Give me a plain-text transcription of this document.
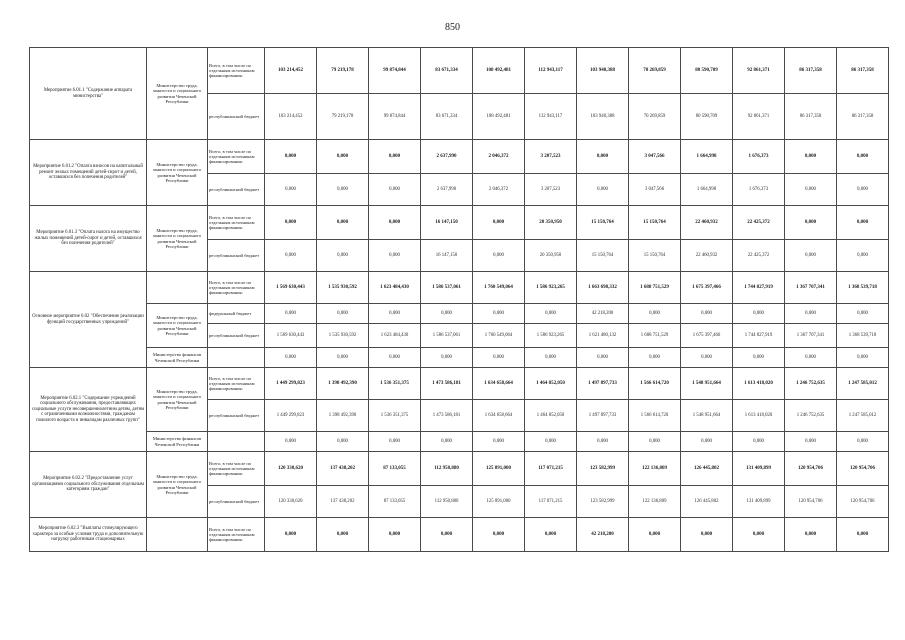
850
Мероприятие 6.01.1 "Содержание аппарата министерства"	Министерство труда, занятости и социального развития Чеченской Республики	Всего, в том числе по отдельным источникам финансирования:	103 214,452	79 219,178	99 874,844	83 671,334	108 492,481	112 943,117	103 940,388	70 269,859	80 590,709	92 861,371	86 317,358	86 317,358
		республиканский бюджет	103 214,452	79 219,178	99 874,844	83 671,334	108 492,481	112 943,117	103 940,388	70 269,859	80 590,709	92 861,371	86 317,358	86 317,358
Мероприятие 6.01.2 "Оплата взносов на капитальный ремонт жилых помещений детей-сирот и детей, оставшихся без попечения родителей"	Министерство труда, занятости и социального развития Чеченской Республики	Всего, в том числе по отдельным источникам финансирования:	0,000	0,000	0,000	2 637,990	2 046,372	3 207,523	0,000	3 047,566	1 664,998	1 676,373	0,000	0,000
		республиканский бюджет	0,000	0,000	0,000	2 637,990	2 046,372	3 207,523	0,000	3 047,566	1 664,998	1 676,373	0,000	0,000
Мероприятие 6.01.3 "Оплата налога на имущество жилых помещений детей-сирот и детей, оставшихся без попечения родителей"	Министерство труда, занятости и социального развития Чеченской Республики	Всего, в том числе по отдельным источникам финансирования:	0,000	0,000	0,000	16 147,150	0,000	20 350,950	15 150,764	15 150,764	22 460,932	22 425,372	0,000	0,000
		республиканский бюджет	0,000	0,000	0,000	16 147,150	0,000	20 350,950	15 150,764	15 150,764	22 460,932	22 425,372	0,000	0,000
Основное мероприятие 6.02 "Обеспечение реализации функций государственных учреждений"		Всего, в том числе по отдельным источникам финансирования:	1 569 630,443	1 535 930,592	1 623 484,430	1 586 537,061	1 760 549,064	1 586 923,265	1 663 698,332	1 688 751,529	1 675 397,466	1 744 827,919	1 367 707,341	1 368 539,718
	Министерство труда, занятости и социального развития Чеченской Республики	федеральный бюджет	0,000	0,000	0,000	0,000	0,000	0,000	42 218,200	0,000	0,000	0,000	0,000	0,000
		республиканский бюджет	1 569 630,443	1 535 930,592	1 623 484,430	1 586 537,061	1 760 549,064	1 586 923,265	1 621 480,132	1 688 751,529	1 675 397,466	1 744 827,919	1 367 707,341	1 368 539,718
	Министерство финансов Чеченской Республики		0,000	0,000	0,000	0,000	0,000	0,000	0,000	0,000	0,000	0,000	0,000	0,000
Мероприятие 6.02.1 "Содержание учреждений социального обслуживания, предоставляющих социальные услуги несовершеннолетним детям, детям с ограниченными возможностями, гражданам пожилого возраста и инвалидам различных групп"	Министерство труда, занятости и социального развития Чеченской Республики	Всего, в том числе по отдельным источникам финансирования:	1 449 299,823	1 398 492,390	1 536 351,375	1 473 586,181	1 634 658,664	1 464 852,050	1 497 897,733	1 566 614,720	1 548 951,664	1 613 418,020	1 246 752,635	1 247 585,012
		республиканский бюджет	1 449 299,823	1 398 492,390	1 536 351,375	1 473 586,181	1 634 658,664	1 464 852,050	1 497 897,733	1 566 614,720	1 548 951,664	1 613 418,020	1 246 752,635	1 247 585,012
	Министерство финансов Чеченской Республики		0,000	0,000	0,000	0,000	0,000	0,000	0,000	0,000	0,000	0,000	0,000	0,000
Мероприятие 6.02.2 "Предоставление услуг организациями социального обслуживания отдельным категориям граждан"	Министерство труда, занятости и социального развития Чеченской Республики	Всего, в том числе по отдельным источникам финансирования:	120 330,620	137 438,202	87 133,055	112 950,880	125 891,000	117 071,215	123 582,999	122 136,809	126 445,802	131 409,899	120 954,706	120 954,706
		республиканский бюджет	120 330,620	137 438,202	87 133,055	112 950,880	125 891,000	117 071,215	123 582,999	122 136,809	126 445,802	131 409,899	120 954,706	120 954,706
Мероприятие 6.02.3 "Выплаты стимулирующего характера за особые условия труда и дополнительную нагрузку работникам стационарных		Всего, в том числе по отдельным источникам финансирования:	0,000	0,000	0,000	0,000	0,000	0,000	42 218,200	0,000	0,000	0,000	0,000	0,000
